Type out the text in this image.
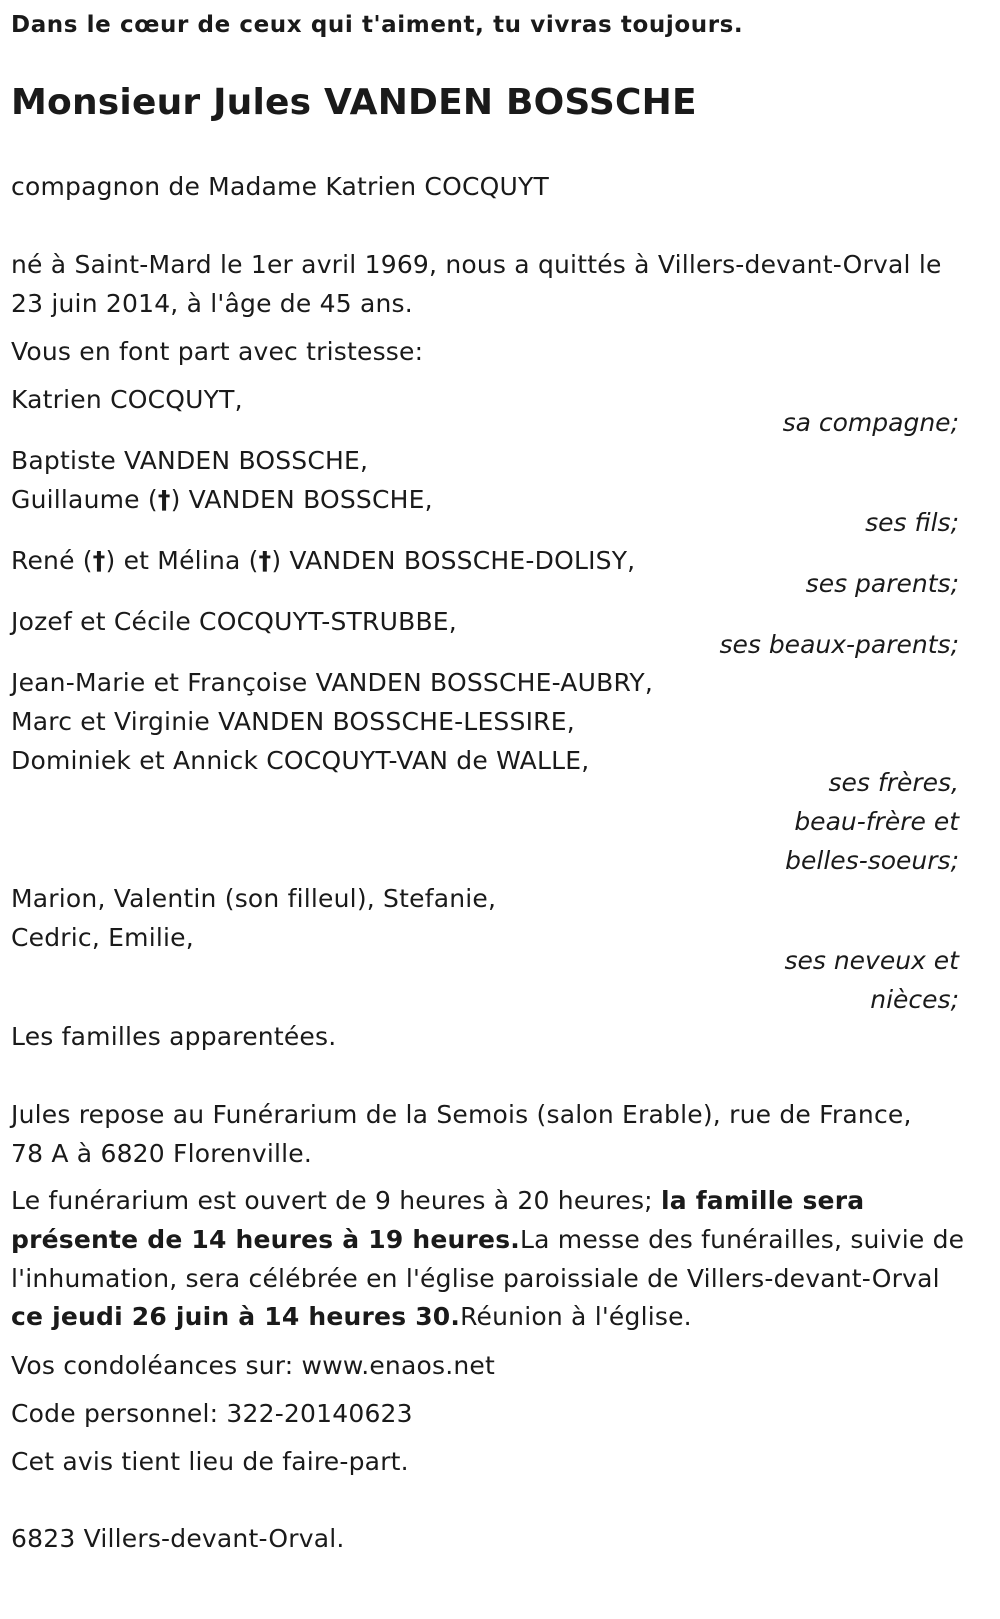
Dans le cœur de ceux qui t'aiment, tu vivras toujours.
Monsieur Jules VANDEN BOSSCHE
compagnon de Madame Katrien COCQUYT
né à Saint-Mard le 1er avril 1969, nous a quittés à Villers-devant-Orval le
23 juin 2014, à l'âge de 45 ans.
Vous en font part avec tristesse:
Katrien COCQUYT,
sa compagne;
Baptiste VANDEN BOSSCHE,
Guillaume (†) VANDEN BOSSCHE,
ses fils;
René (†) et Mélina (†) VANDEN BOSSCHE-DOLISY,
ses parents;
Jozef et Cécile COCQUYT-STRUBBE,
ses beaux-parents;
Jean-Marie et Françoise VANDEN BOSSCHE-AUBRY,
Marc et Virginie VANDEN BOSSCHE-LESSIRE,
Dominiek et Annick COCQUYT-VAN de WALLE,
ses frères,
beau-frère et
belles-soeurs;
Marion, Valentin (son filleul), Stefanie,
Cedric, Emilie,
ses neveux et
nièces;
Les familles apparentées.
Jules repose au Funérarium de la Semois (salon Erable), rue de France,
78 A à 6820 Florenville.
Le funérarium est ouvert de 9 heures à 20 heures; la famille sera
présente de 14 heures à 19 heures.La messe des funérailles, suivie de
l'inhumation, sera célébrée en l'église paroissiale de Villers-devant-Orval
ce jeudi 26 juin à 14 heures 30.Réunion à l'église.
Vos condoléances sur: www.enaos.net
Code personnel: 322-20140623
Cet avis tient lieu de faire-part.
6823 Villers-devant-Orval.
